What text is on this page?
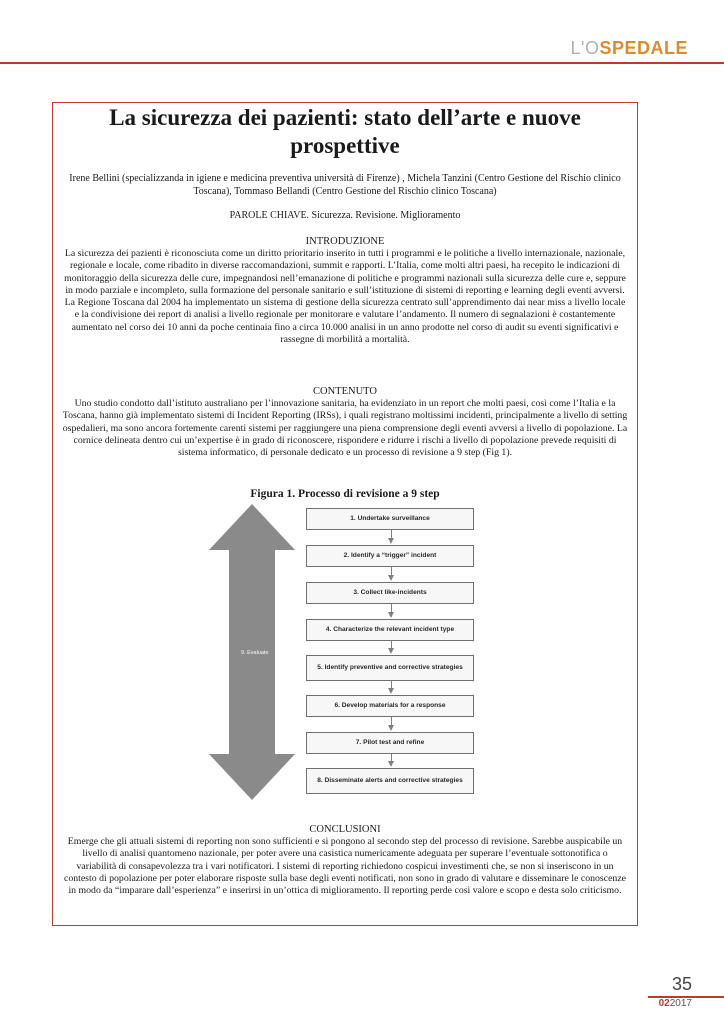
L'OSPEDALE
La sicurezza dei pazienti: stato dell’arte e nuove prospettive
Irene Bellini (specializzanda in igiene e medicina preventiva università di Firenze) , Michela Tanzini (Centro Gestione del Rischio clinico Toscana), Tommaso Bellandi (Centro Gestione del Rischio clinico Toscana)
PAROLE CHIAVE. Sicurezza. Revisione. Miglioramento
INTRODUZIONE

La sicurezza dei pazienti è riconosciuta come un diritto prioritario inserito in tutti i programmi e le politiche a livello internazionale, nazionale, regionale e locale, come ribadito in diverse raccomandazioni, summit e rapporti. L’Italia, come molti altri paesi, ha recepito le indicazioni di monitoraggio della sicurezza delle cure, impegnandosi nell’emanazione di politiche e programmi nazionali sulla sicurezza delle cure e, seppure in modo parziale e incompleto, sulla formazione del personale sanitario e sull’istituzione di sistemi di reporting e learning degli eventi avversi. La Regione Toscana dal 2004 ha implementato un sistema di gestione della sicurezza centrato sull’apprendimento dai near miss a livello locale e la condivisione dei report di analisi a livello regionale per monitorare e valutare l’andamento. Il numero di segnalazioni è costantemente aumentato nel corso dei 10 anni da poche centinaia fino a circa 10.000 analisi in un anno prodotte nel corso di audit su eventi significativi e rassegne di morbilità a mortalità.

CONTENUTO

Uno studio condotto dall’istituto australiano per l’innovazione sanitaria, ha evidenziato in un report che molti paesi, così come l’Italia e la Toscana, hanno già implementato sistemi di Incident Reporting (IRSs), i quali registrano moltissimi incidenti, principalmente a livello di setting ospedalieri, ma sono ancora fortemente carenti sistemi per raggiungere una piena comprensione degli eventi avversi a livello di popolazione. La cornice delineata dentro cui un’expertise è in grado di riconoscere, rispondere e ridurre i rischi a livello di popolazione prevede requisiti di sistema informatico, di personale dedicato e un processo di revisione a 9 step (Fig 1).

Figura 1. Processo di revisione a 9 step
9. Evaluate
1. Undertake surveillance
2. Identify a “trigger” incident
3. Collect like-incidents
4. Characterize the relevant incident type
5. Identify preventive and corrective strategies
6. Develop materials for a response
7. Pilot test and refine
8. Disseminate alerts and corrective strategies
CONCLUSIONI

Emerge che gli attuali sistemi di reporting non sono sufficienti e si pongono al secondo step del processo di revisione. Sarebbe auspicabile un livello di analisi quantomeno nazionale, per poter avere una casistica numericamente adeguata per superare l’eventuale sottonotifica o variabilità di consapevolezza tra i vari notificatori. I sistemi di reporting richiedono cospicui investimenti che, se non si inseriscono in un contesto di popolazione per poter elaborare risposte sulla base degli eventi notificati, non sono in grado di valutare e disseminare le conoscenze in modo da “imparare dall’esperienza” e inserirsi in un’ottica di miglioramento. Il reporting perde così valore e scopo e desta solo criticismo.

35
022017
